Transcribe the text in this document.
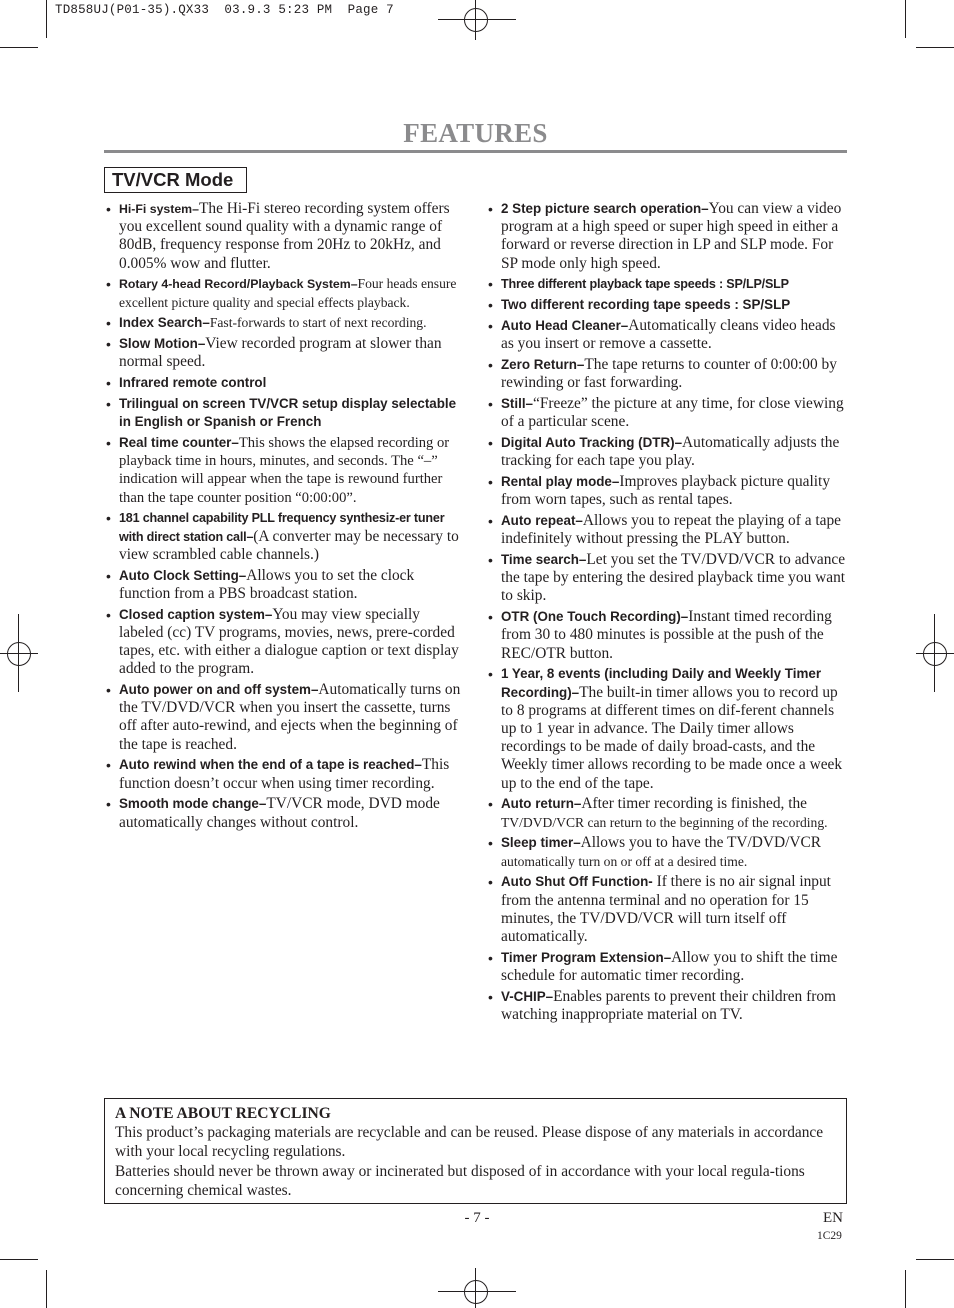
TD858UJ(P01-35).QX33  03.9.3 5:23 PM  Page 7
FEATURES
TV/VCR Mode
• Hi-Fi system–The Hi-Fi stereo recording system offers you excellent sound quality with a dynamic range of 80dB, frequency response from 20Hz to 20kHz, and 0.005% wow and flutter.
• Rotary 4-head Record/Playback System–Four heads ensure excellent picture quality and special effects playback.
• Index Search–Fast-forwards to start of next recording.
• Slow Motion–View recorded program at slower than normal speed.
• Infrared remote control
• Trilingual on screen TV/VCR setup display selectable in English or Spanish or French
• Real time counter–This shows the elapsed recording or playback time in hours, minutes, and seconds. The “–” indication will appear when the tape is rewound further than the tape counter position “0:00:00”.
• 181 channel capability PLL frequency synthesiz-er tuner with direct station call–(A converter may be necessary to view scrambled cable channels.)
• Auto Clock Setting–Allows you to set the clock function from a PBS broadcast station.
• Closed caption system–You may view specially labeled (cc) TV programs, movies, news, prere-corded tapes, etc. with either a dialogue caption or text display added to the program.
• Auto power on and off system–Automatically turns on the TV/DVD/VCR when you insert the cassette, turns off after auto-rewind, and ejects when the beginning of the tape is reached.
• Auto rewind when the end of a tape is reached–This function doesn’t occur when using timer recording.
• Smooth mode change–TV/VCR mode, DVD mode automatically changes without control.
• 2 Step picture search operation–You can view a video program at a high speed or super high speed in either a forward or reverse direction in LP and SLP mode. For SP mode only high speed.
• Three different playback tape speeds : SP/LP/SLP
• Two different recording tape speeds : SP/SLP
• Auto Head Cleaner–Automatically cleans video heads as you insert or remove a cassette.
• Zero Return–The tape returns to counter of 0:00:00 by rewinding or fast forwarding.
• Still–“Freeze” the picture at any time, for close viewing of a particular scene.
• Digital Auto Tracking (DTR)–Automatically adjusts the tracking for each tape you play.
• Rental play mode–Improves playback picture quality from worn tapes, such as rental tapes.
• Auto repeat–Allows you to repeat the playing of a tape indefinitely without pressing the PLAY button.
• Time search–Let you set the TV/DVD/VCR to advance the tape by entering the desired playback time you want to skip.
• OTR (One Touch Recording)–Instant timed recording from 30 to 480 minutes is possible at the push of the REC/OTR button.
• 1 Year, 8 events (including Daily and Weekly Timer Recording)–The built-in timer allows you to record up to 8 programs at different times on dif-ferent channels up to 1 year in advance. The Daily timer allows recordings to be made of daily broad-casts, and the Weekly timer allows recording to be made once a week up to the end of the tape.
• Auto return–After timer recording is finished, the TV/DVD/VCR can return to the beginning of the recording.
• Sleep timer–Allows you to have the TV/DVD/VCR automatically turn on or off at a desired time.
• Auto Shut Off Function- If there is no air signal input from the antenna terminal and no operation for 15 minutes, the TV/DVD/VCR will turn itself off automatically.
• Timer Program Extension–Allow you to shift the time schedule for automatic timer recording.
• V-CHIP–Enables parents to prevent their children from watching inappropriate material on TV.
A NOTE ABOUT RECYCLING

This product’s packaging materials are recyclable and can be reused. Please dispose of any materials in accordance with your local recycling regulations.

Batteries should never be thrown away or incinerated but disposed of in accordance with your local regula-tions concerning chemical wastes.

- 7 -	EN
1C29
